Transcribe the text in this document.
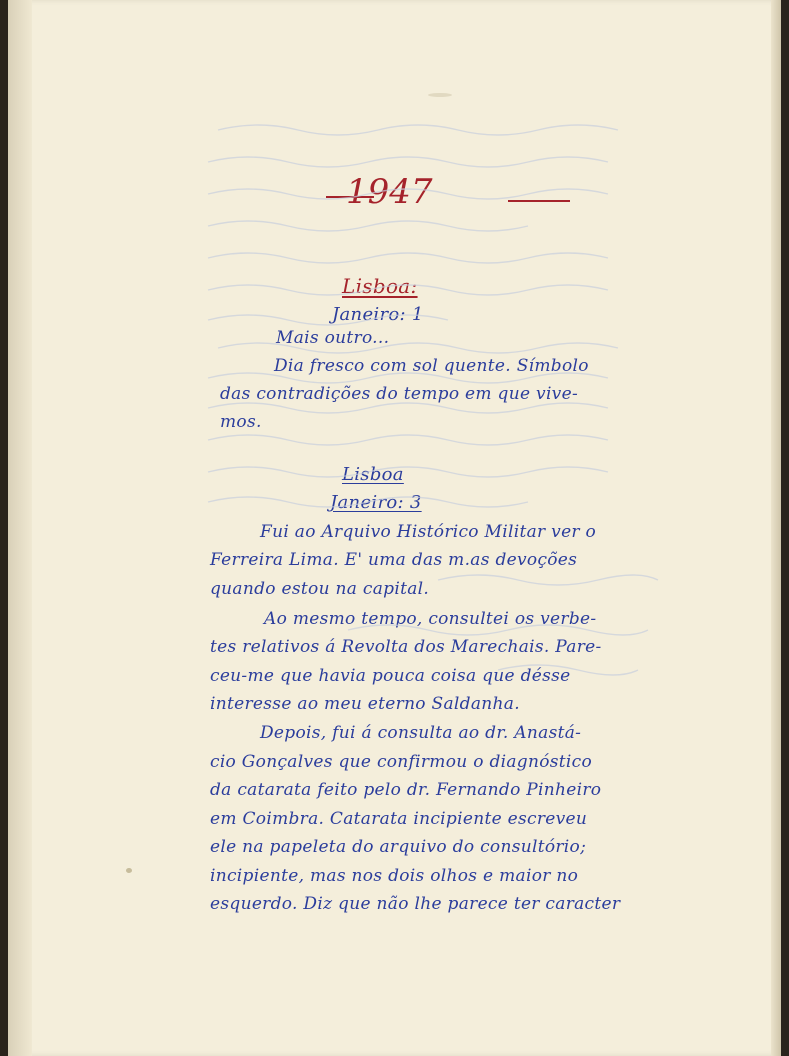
1947
Lisboa:
Janeiro: 1
Mais outro...
Dia fresco com sol quente. Símbolo
das contradições do tempo em que vive-
mos.
Lisboa
Janeiro: 3
Fui ao Arquivo Histórico Militar ver o
Ferreira Lima. E' uma das m.as devoções
quando estou na capital.
Ao mesmo tempo, consultei os verbe-
tes relativos á Revolta dos Marechais. Pare-
ceu-me que havia pouca coisa que désse
interesse ao meu eterno Saldanha.
Depois, fui á consulta ao dr. Anastá-
cio Gonçalves que confirmou o diagnóstico
da catarata feito pelo dr. Fernando Pinheiro
em Coimbra. Catarata incipiente escreveu
ele na papeleta do arquivo do consultório;
incipiente, mas nos dois olhos e maior no
esquerdo. Diz que não lhe parece ter caracter
